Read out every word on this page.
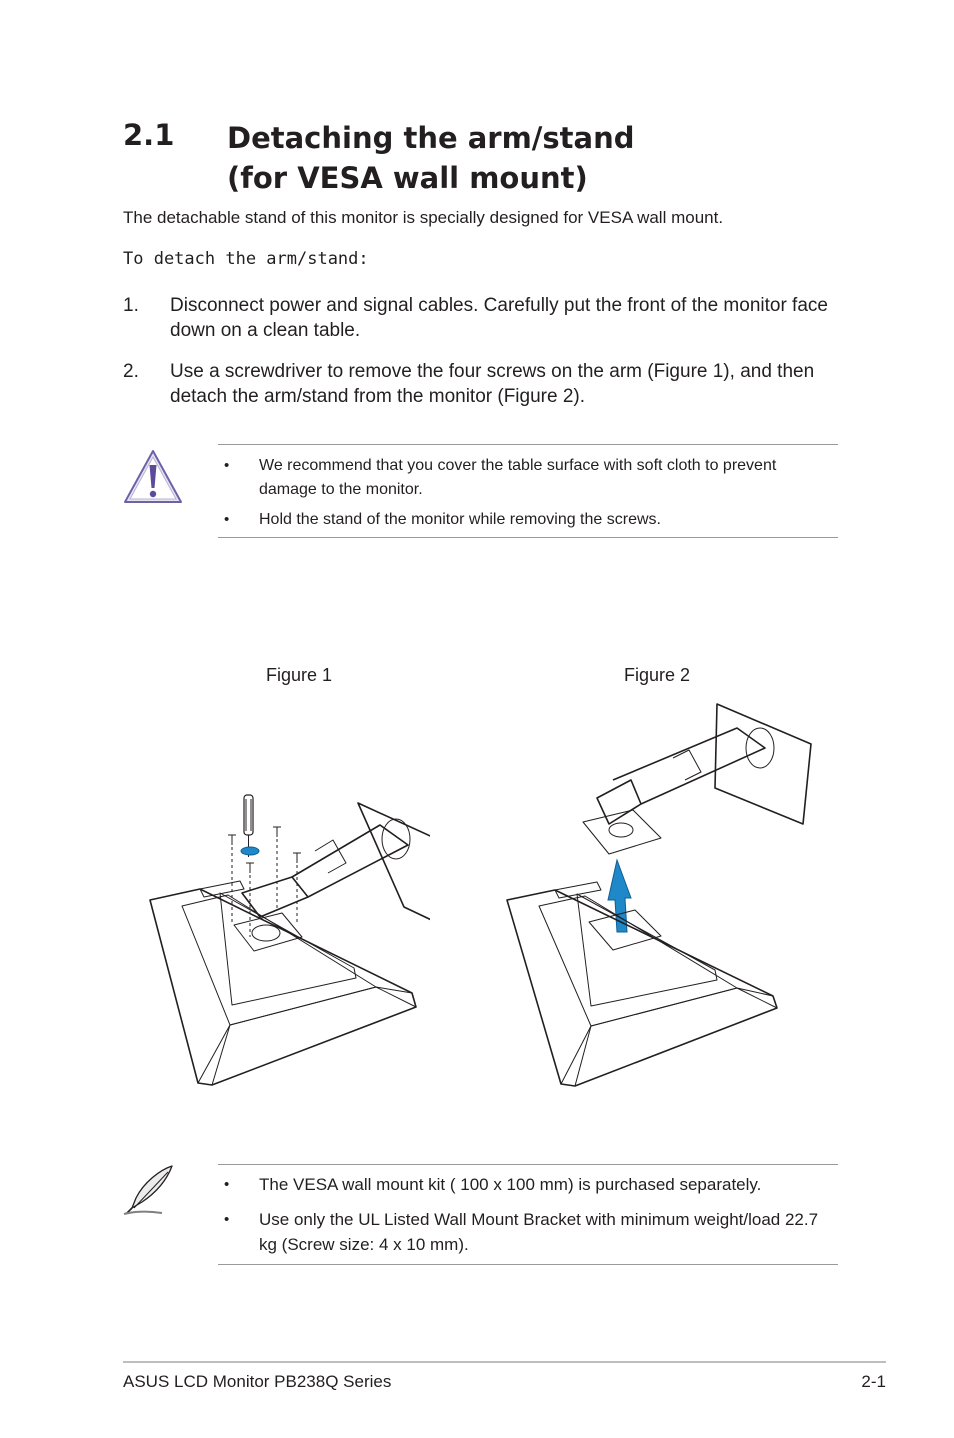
2.1 Detaching the arm/stand
(for VESA wall mount)
The detachable stand of this monitor is specially designed for VESA wall mount.
To detach the arm/stand:
1. Disconnect power and signal cables. Carefully put the front of the monitor face down on a clean table.
2. Use a screwdriver to remove the four screws on the arm (Figure 1), and then detach the arm/stand from the monitor (Figure 2).
• We recommend that you cover the table surface with soft cloth to prevent damage to the monitor.
• Hold the stand of the monitor while removing the screws.
Figure 1	Figure 2
• The VESA wall mount kit ( 100 x 100 mm) is purchased separately.
• Use only the UL Listed Wall Mount Bracket with minimum weight/load 22.7 kg (Screw size: 4 x 10 mm).
ASUS LCD Monitor PB238Q Series	2-1
